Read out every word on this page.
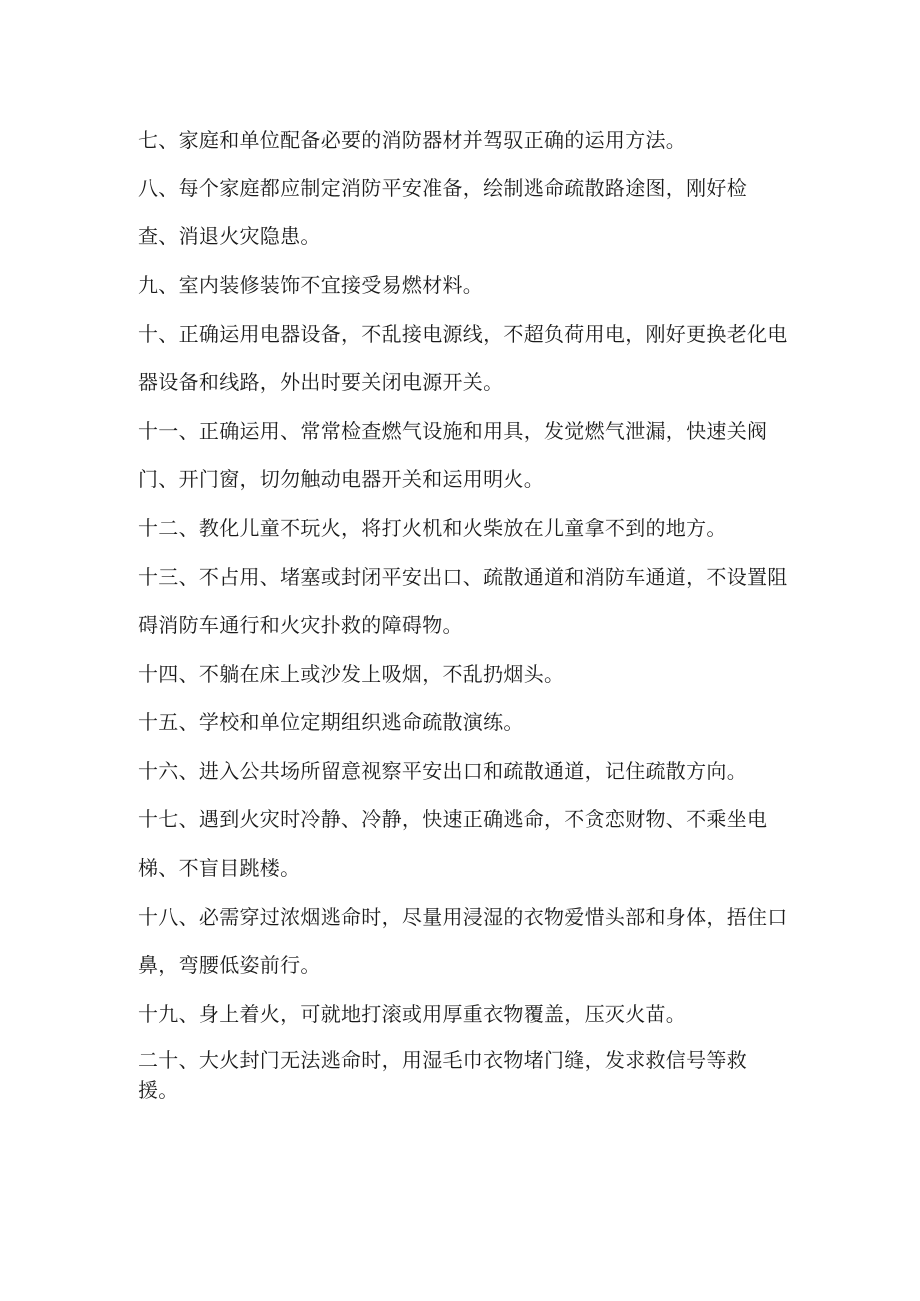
七、家庭和单位配备必要的消防器材并驾驭正确的运用方法。
八、每个家庭都应制定消防平安准备，绘制逃命疏散路途图，刚好检
查、消退火灾隐患。
九、室内装修装饰不宜接受易燃材料。
十、正确运用电器设备，不乱接电源线，不超负荷用电，刚好更换老化电
器设备和线路，外出时要关闭电源开关。
十一、正确运用、常常检查燃气设施和用具，发觉燃气泄漏，快速关阀
门、开门窗，切勿触动电器开关和运用明火。
十二、教化儿童不玩火，将打火机和火柴放在儿童拿不到的地方。
十三、不占用、堵塞或封闭平安出口、疏散通道和消防车通道，不设置阻
碍消防车通行和火灾扑救的障碍物。
十四、不躺在床上或沙发上吸烟，不乱扔烟头。
十五、学校和单位定期组织逃命疏散演练。
十六、进入公共场所留意视察平安出口和疏散通道，记住疏散方向。
十七、遇到火灾时冷静、冷静，快速正确逃命，不贪恋财物、不乘坐电
梯、不盲目跳楼。
十八、必需穿过浓烟逃命时，尽量用浸湿的衣物爱惜头部和身体，捂住口
鼻，弯腰低姿前行。
十九、身上着火，可就地打滚或用厚重衣物覆盖，压灭火苗。
二十、大火封门无法逃命时，用湿毛巾衣物堵门缝，发求救信号等救
援。
